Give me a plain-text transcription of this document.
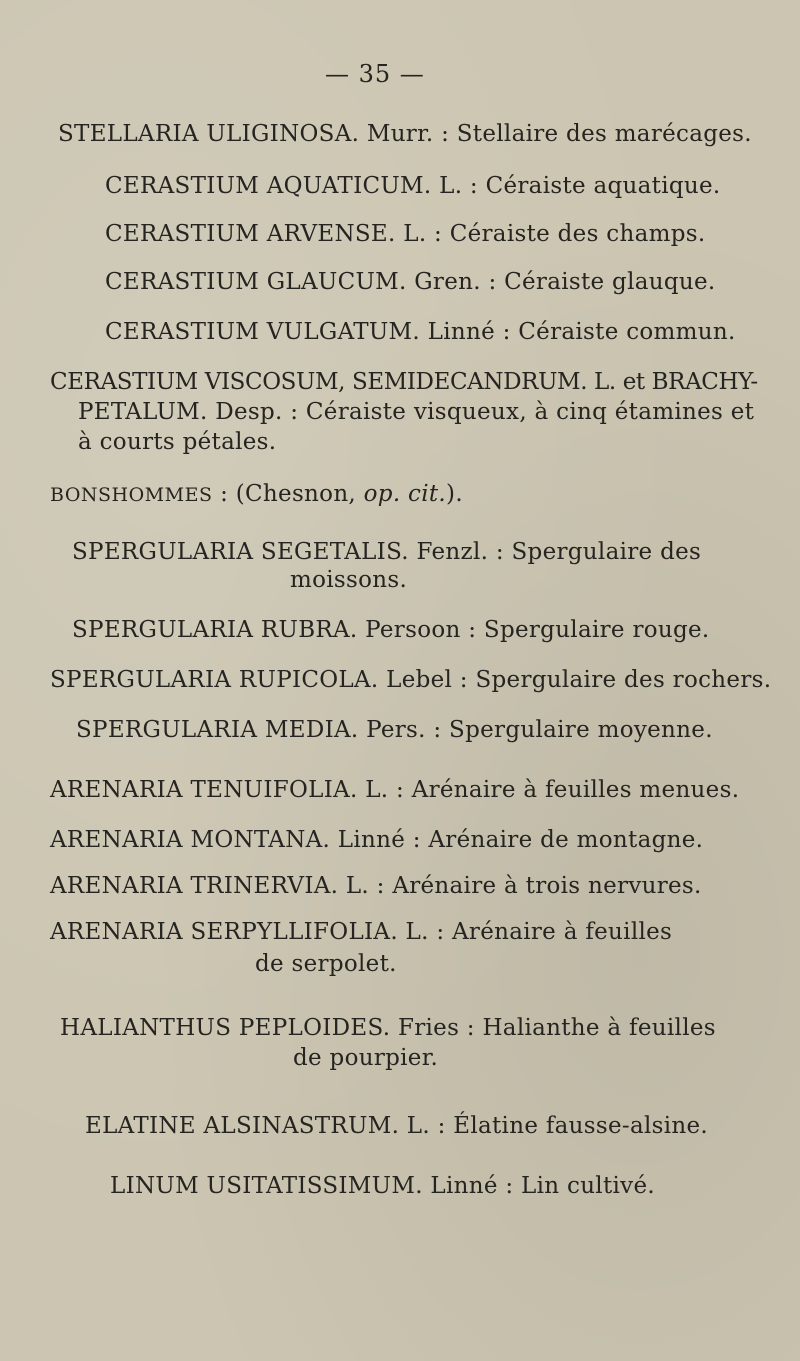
— 35 —
STELLARIA ULIGINOSA. Murr. : Stellaire des marécages.
CERASTIUM AQUATICUM. L. : Céraiste aquatique.
CERASTIUM ARVENSE. L. : Céraiste des champs.
CERASTIUM GLAUCUM. Gren. : Céraiste glauque.
CERASTIUM VULGATUM. Linné : Céraiste commun.
CERASTIUM VISCOSUM, SEMIDECANDRUM. L. et BRACHY-
PETALUM. Desp. : Céraiste visqueux, à cinq étamines et
à courts pétales.
BONSHOMMES : (Chesnon, op. cit.).
SPERGULARIA SEGETALIS. Fenzl. : Spergulaire des
moissons.
SPERGULARIA RUBRA. Persoon : Spergulaire rouge.
SPERGULARIA RUPICOLA. Lebel : Spergulaire des rochers.
SPERGULARIA MEDIA. Pers. : Spergulaire moyenne.
ARENARIA TENUIFOLIA. L. : Arénaire à feuilles menues.
ARENARIA MONTANA. Linné : Arénaire de montagne.
ARENARIA TRINERVIA. L. : Arénaire à trois nervures.
ARENARIA SERPYLLIFOLIA. L. : Arénaire à feuilles
de serpolet.
HALIANTHUS PEPLOIDES. Fries : Halianthe à feuilles
de pourpier.
ELATINE ALSINASTRUM. L. : Élatine fausse-alsine.
LINUM USITATISSIMUM. Linné : Lin cultivé.
